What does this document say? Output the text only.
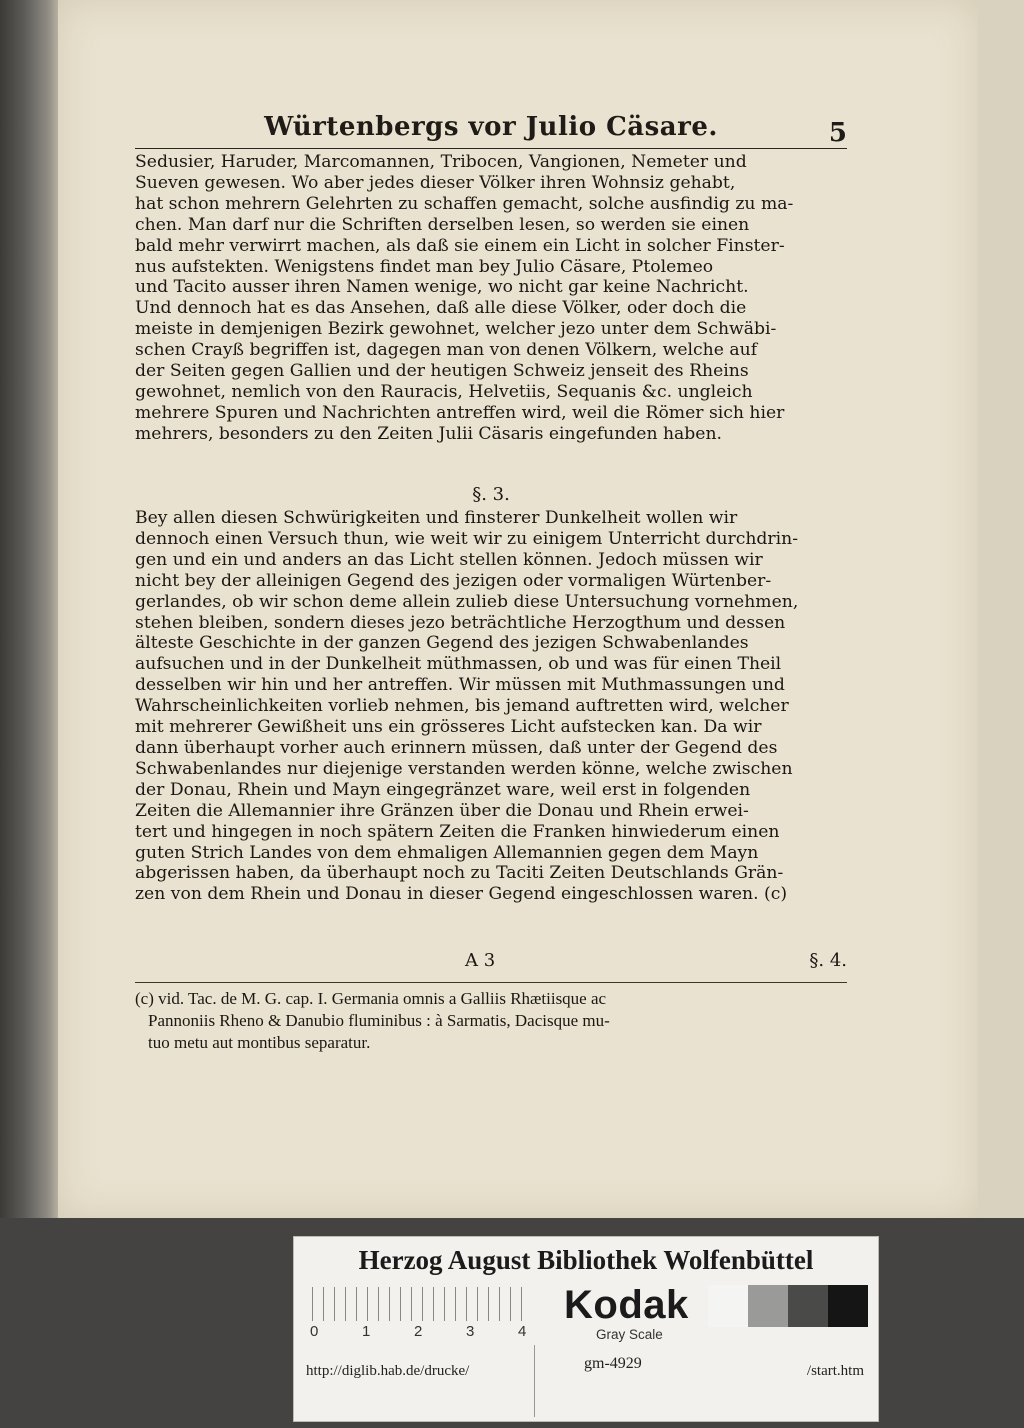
Würtenbergs vor Julio Cäsare.	5
Sedusier, Haruder, Marcomannen, Tribocen, Vangionen, Nemeter und
Sueven gewesen. Wo aber jedes dieser Völker ihren Wohnsiz gehabt,
hat schon mehrern Gelehrten zu schaffen gemacht, solche ausfindig zu ma-
chen. Man darf nur die Schriften derselben lesen, so werden sie einen
bald mehr verwirrt machen, als daß sie einem ein Licht in solcher Finster-
nus aufstekten. Wenigstens findet man bey Julio Cäsare, Ptolemeo
und Tacito ausser ihren Namen wenige, wo nicht gar keine Nachricht.
Und dennoch hat es das Ansehen, daß alle diese Völker, oder doch die
meiste in demjenigen Bezirk gewohnet, welcher jezo unter dem Schwäbi-
schen Crayß begriffen ist, dagegen man von denen Völkern, welche auf
der Seiten gegen Gallien und der heutigen Schweiz jenseit des Rheins
gewohnet, nemlich von den Rauracis, Helvetiis, Sequanis &c. ungleich
mehrere Spuren und Nachrichten antreffen wird, weil die Römer sich hier
mehrers, besonders zu den Zeiten Julii Cäsaris eingefunden haben.
§. 3.
Bey allen diesen Schwürigkeiten und finsterer Dunkelheit wollen wir
dennoch einen Versuch thun, wie weit wir zu einigem Unterricht durchdrin-
gen und ein und anders an das Licht stellen können. Jedoch müssen wir
nicht bey der alleinigen Gegend des jezigen oder vormaligen Würtenber-
gerlandes, ob wir schon deme allein zulieb diese Untersuchung vornehmen,
stehen bleiben, sondern dieses jezo beträchtliche Herzogthum und dessen
älteste Geschichte in der ganzen Gegend des jezigen Schwabenlandes
aufsuchen und in der Dunkelheit müthmassen, ob und was für einen Theil
desselben wir hin und her antreffen. Wir müssen mit Muthmassungen und
Wahrscheinlichkeiten vorlieb nehmen, bis jemand auftretten wird, welcher
mit mehrerer Gewißheit uns ein grösseres Licht aufstecken kan. Da wir
dann überhaupt vorher auch erinnern müssen, daß unter der Gegend des
Schwabenlandes nur diejenige verstanden werden könne, welche zwischen
der Donau, Rhein und Mayn eingegränzet ware, weil erst in folgenden
Zeiten die Allemannier ihre Gränzen über die Donau und Rhein erwei-
tert und hingegen in noch spätern Zeiten die Franken hinwiederum einen
guten Strich Landes von dem ehmaligen Allemannien gegen dem Mayn
abgerissen haben, da überhaupt noch zu Taciti Zeiten Deutschlands Grän-
zen von dem Rhein und Donau in dieser Gegend eingeschlossen waren. (c)
A 3	§. 4.
(c) vid. Tac. de M. G. cap. I. Germania omnis a Galliis Rhætiisque ac
Pannoniis Rheno & Danubio fluminibus : à Sarmatis, Dacisque mu-
tuo metu aut montibus separatur.
Herzog August Bibliothek Wolfenbüttel
0	1	2	3	4
Kodak
Gray Scale
http://diglib.hab.de/drucke/	gm-4929	/start.htm
